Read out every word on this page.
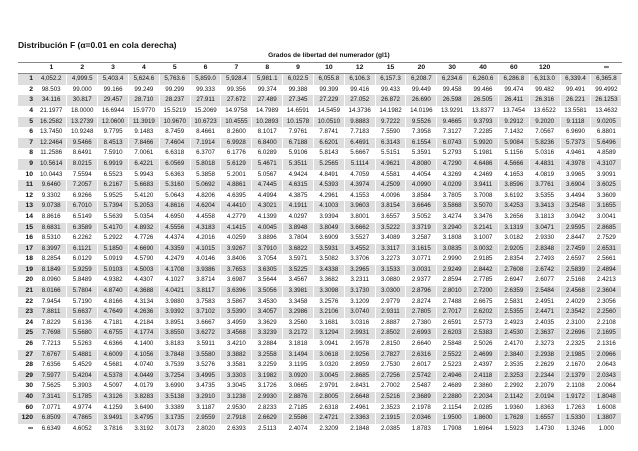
Distribución F (α=0.01 en cola derecha)
	Grados de libertad del numerador (gl1)																		
	1	2	3	4	5	6	7	8	9	10	12	15	20	30	40	60	120		∞
1	4,052.2	4,999.5	5,403.4	5,624.6	5,763.6	5,859.0	5,928.4	5,981.1	6,022.5	6,055.8	6,106.3	6,157.3	6,208.7	6,234.6	6,260.6	6,286.8	6,313.0	6,339.4	6,365.8
2	98.503	99.000	99.166	99.249	99.299	99.333	99.356	99.374	99.388	99.399	99.416	99.433	99.449	99.458	99.466	99.474	99.482	99.491	99.4992
3	34.116	30.817	29.457	28.710	28.237	27.911	27.672	27.489	27.345	27.229	27.052	26.872	26.690	26.598	26.505	26.411	26.316	26.221	26.1253
4	21.1977	18.0000	16.6944	15.9770	15.5219	15.2069	14.9758	14.7989	14.6591	14.5459	14.3736	14.1982	14.0196	13.9291	13.8377	13.7454	13.6522	13.5581	13.4632
5	16.2582	13.2739	12.0600	11.3919	10.9670	10.6723	10.4555	10.2893	10.1578	10.0510	9.8883	9.7222	9.5526	9.4665	9.3793	9.2912	9.2020	9.1118	9.0205
6	13.7450	10.9248	9.7795	9.1483	8.7459	8.4661	8.2600	8.1017	7.9761	7.8741	7.7183	7.5590	7.3958	7.3127	7.2285	7.1432	7.0567	6.9690	6.8801
7	12.2464	9.5466	8.4513	7.8466	7.4604	7.1914	6.9928	6.8400	6.7188	6.6201	6.4691	6.3143	6.1554	6.0743	5.9920	5.9084	5.8236	5.7373	5.6496
8	11.2586	8.6491	7.5910	7.0061	6.6318	6.3707	6.1776	6.0289	5.9106	5.8143	5.6667	5.5151	5.3591	5.2793	5.1981	5.1156	5.0316	4.9461	4.8589
9	10.5614	8.0215	6.9919	6.4221	6.0569	5.8018	5.6129	5.4671	5.3511	5.2565	5.1114	4.9621	4.8080	4.7290	4.6486	4.5666	4.4831	4.3978	4.3107
10	10.0443	7.5594	6.5523	5.9943	5.6363	5.3858	5.2001	5.0567	4.9424	4.8491	4.7059	4.5581	4.4054	4.3269	4.2469	4.1653	4.0819	3.9965	3.9091
11	9.6460	7.2057	6.2167	5.6683	5.3160	5.0692	4.8861	4.7445	4.6315	4.5393	4.3974	4.2509	4.0990	4.0209	3.9411	3.8596	3.7761	3.6904	3.6025
12	9.3302	6.9266	5.9525	5.4120	5.0643	4.8206	4.6395	4.4994	4.3875	4.2961	4.1553	4.0096	3.8584	3.7805	3.7008	3.6192	3.5355	3.4494	3.3609
13	9.0738	6.7010	5.7394	5.2053	4.8616	4.6204	4.4410	4.3021	4.1911	4.1003	3.9603	3.8154	3.6646	3.5868	3.5070	3.4253	3.3413	3.2548	3.1655
14	8.8616	6.5149	5.5639	5.0354	4.6950	4.4558	4.2779	4.1399	4.0297	3.9394	3.8001	3.6557	3.5052	3.4274	3.3476	3.2656	3.1813	3.0942	3.0041
15	8.6831	6.3589	5.4170	4.8932	4.5556	4.3183	4.1415	4.0045	3.8948	3.8049	3.6662	3.5222	3.3719	3.2940	3.2141	3.1319	3.0471	2.9595	2.8685
16	8.5310	6.2262	5.2922	4.7726	4.4374	4.2016	4.0259	3.8896	3.7804	3.6909	3.5527	3.4089	3.2587	3.1808	3.1007	3.0182	2.9330	2.8447	2.7529
17	8.3997	6.1121	5.1850	4.6690	4.3359	4.1015	3.9267	3.7910	3.6822	3.5931	3.4552	3.3117	3.1615	3.0835	3.0032	2.9205	2.8348	2.7459	2.6531
18	8.2854	6.0129	5.0919	4.5790	4.2479	4.0146	3.8406	3.7054	3.5971	3.5082	3.3706	3.2273	3.0771	2.9990	2.9185	2.8354	2.7493	2.6597	2.5661
19	8.1849	5.9259	5.0103	4.5003	4.1708	3.9386	3.7653	3.6305	3.5225	3.4338	3.2965	3.1533	3.0031	2.9249	2.8442	2.7608	2.6742	2.5839	2.4894
20	8.0960	5.8489	4.9382	4.4307	4.1027	3.8714	3.6987	3.5644	3.4567	3.3682	3.2311	3.0880	2.9377	2.8594	2.7785	2.6947	2.6077	2.5168	2.4213
21	8.0166	5.7804	4.8740	4.3688	4.0421	3.8117	3.6396	3.5056	3.3981	3.3098	3.1730	3.0300	2.8796	2.8010	2.7200	2.6359	2.5484	2.4568	2.3604
22	7.9454	5.7190	4.8166	4.3134	3.9880	3.7583	3.5867	3.4530	3.3458	3.2576	3.1209	2.9779	2.8274	2.7488	2.6675	2.5831	2.4951	2.4029	2.3056
23	7.8811	5.6637	4.7649	4.2636	3.9392	3.7102	3.5390	3.4057	3.2986	3.2106	3.0740	2.9311	2.7805	2.7017	2.6202	2.5355	2.4471	2.3542	2.2560
24	7.8229	5.6136	4.7181	4.2184	3.8951	3.6667	3.4959	3.3629	3.2560	3.1681	3.0316	2.8887	2.7380	2.6591	2.5773	2.4923	2.4035	2.3100	2.2108
25	7.7698	5.5680	4.6755	4.1774	3.8550	3.6272	3.4568	3.3239	3.2172	3.1294	2.9931	2.8502	2.6993	2.6203	2.5383	2.4530	2.3637	2.2696	2.1695
26	7.7213	5.5263	4.6366	4.1400	3.8183	3.5911	3.4210	3.2884	3.1818	3.0941	2.9578	2.8150	2.6640	2.5848	2.5026	2.4170	2.3273	2.2325	2.1316
27	7.6767	5.4881	4.6009	4.1056	3.7848	3.5580	3.3882	3.2558	3.1494	3.0618	2.9256	2.7827	2.6316	2.5522	2.4699	2.3840	2.2938	2.1985	2.0966
28	7.6356	5.4529	4.5681	4.0740	3.7539	3.5276	3.3581	3.2259	3.1195	3.0320	2.8959	2.7530	2.6017	2.5223	2.4397	2.3535	2.2629	2.1670	2.0643
29	7.5977	5.4204	4.5378	4.0449	3.7254	3.4995	3.3303	3.1982	3.0920	3.0045	2.8685	2.7256	2.5742	2.4946	2.4118	2.3253	2.2344	2.1379	2.0343
30	7.5625	5.3903	4.5097	4.0179	3.6990	3.4735	3.3045	3.1726	3.0665	2.9791	2.8431	2.7002	2.5487	2.4689	2.3860	2.2992	2.2079	2.1108	2.0064
40	7.3141	5.1785	4.3126	3.8283	3.5138	3.2910	3.1238	2.9930	2.8876	2.8005	2.6648	2.5216	2.3689	2.2880	2.2034	2.1142	2.0194	1.9172	1.8048
60	7.0771	4.9774	4.1259	3.6490	3.3389	3.1187	2.9530	2.8233	2.7185	2.6318	2.4961	2.3523	2.1978	2.1154	2.0285	1.9360	1.8363	1.7263	1.6008
120	6.8509	4.7865	3.9491	3.4795	3.1735	2.9559	2.7918	2.6629	2.5586	2.4721	2.3363	2.1915	2.0346	1.9500	1.8600	1.7628	1.6557	1.5330	1.3807
∞	6.6349	4.6052	3.7816	3.3192	3.0173	2.8020	2.6393	2.5113	2.4074	2.3209	2.1848	2.0385	1.8783	1.7908	1.6964	1.5923	1.4730	1.3246	1.000
